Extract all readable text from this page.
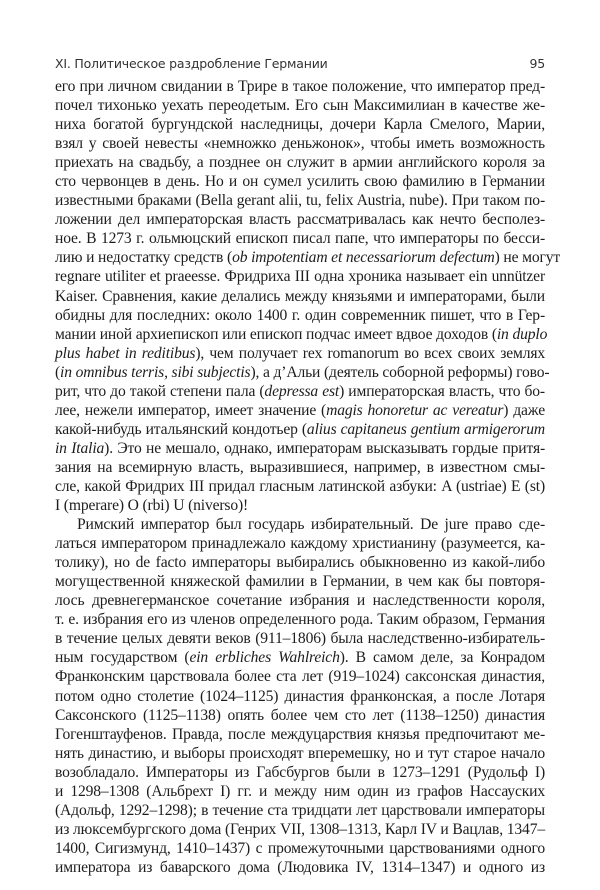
XI. Политическое раздробление Германии	95
его при личном свидании в Трире в такое положение, что император пред-
почел тихонько уехать переодетым. Его сын Максимилиан в качестве же-
ниха богатой бургундской наследницы, дочери Карла Смелого, Марии,
взял у своей невесты «немножко деньжонок», чтобы иметь возможность
приехать на свадьбу, а позднее он служит в армии английского короля за
сто червонцев в день. Но и он сумел усилить свою фамилию в Германии
известными браками (Bella gerant alii, tu, felix Austria, nube). При таком по-
ложении дел императорская власть рассматривалась как нечто бесполез-
ное. В 1273 г. ольмюцский епископ писал папе, что императоры по бесси-
лию и недостатку средств (ob impotentiam et necessariorum defectum) не могут
regnare utiliter et praeesse. Фридриха III одна хроника называет ein unnützer
Kaiser. Сравнения, какие делались между князьями и императорами, были
обидны для последних: около 1400 г. один современник пишет, что в Гер-
мании иной архиепископ или епископ подчас имеет вдвое доходов (in duplo
plus habet in reditibus), чем получает rex romanorum во всех своих землях
(in omnibus terris, sibi subjectis), а д’Альи (деятель соборной реформы) гово-
рит, что до такой степени пала (depressa est) императорская власть, что бо-
лее, нежели император, имеет значение (magis honoretur ac vereatur) даже
какой-нибудь итальянский кондотьер (alius capitaneus gentium armigerorum
in Italia). Это не мешало, однако, императорам высказывать гордые притя-
зания на всемирную власть, выразившиеся, например, в известном смы-
сле, какой Фридрих III придал гласным латинской азбуки: A (ustriae) E (st)
I (mperare) O (rbi) U (niverso)!
Римский император был государь избирательный. De jure право сде-
латься императором принадлежало каждому христианину (разумеется, ка-
толику), но de facto императоры выбирались обыкновенно из какой-либо
могущественной княжеской фамилии в Германии, в чем как бы повторя-
лось древнегерманское сочетание избрания и наследственности короля,
т. е. избрания его из членов определенного рода. Таким образом, Германия
в течение целых девяти веков (911–1806) была наследственно-избиратель-
ным государством (ein erbliches Wahlreich). В самом деле, за Конрадом
Франконским царствовала более ста лет (919–1024) саксонская династия,
потом одно столетие (1024–1125) династия франконская, а после Лотаря
Саксонского (1125–1138) опять более чем сто лет (1138–1250) династия
Гогенштауфенов. Правда, после междуцарствия князья предпочитают ме-
нять династию, и выборы происходят вперемешку, но и тут старое начало
возобладало. Императоры из Габсбургов были в 1273–1291 (Рудольф I)
и 1298–1308 (Альбрехт I) гг. и между ним один из графов Нассауских
(Адольф, 1292–1298); в течение ста тридцати лет царствовали императоры
из люксембургского дома (Генрих VII, 1308–1313, Карл IV и Вацлав, 1347–
1400, Сигизмунд, 1410–1437) с промежуточными царствованиями одного
императора из баварского дома (Людовика IV, 1314–1347) и одного из
